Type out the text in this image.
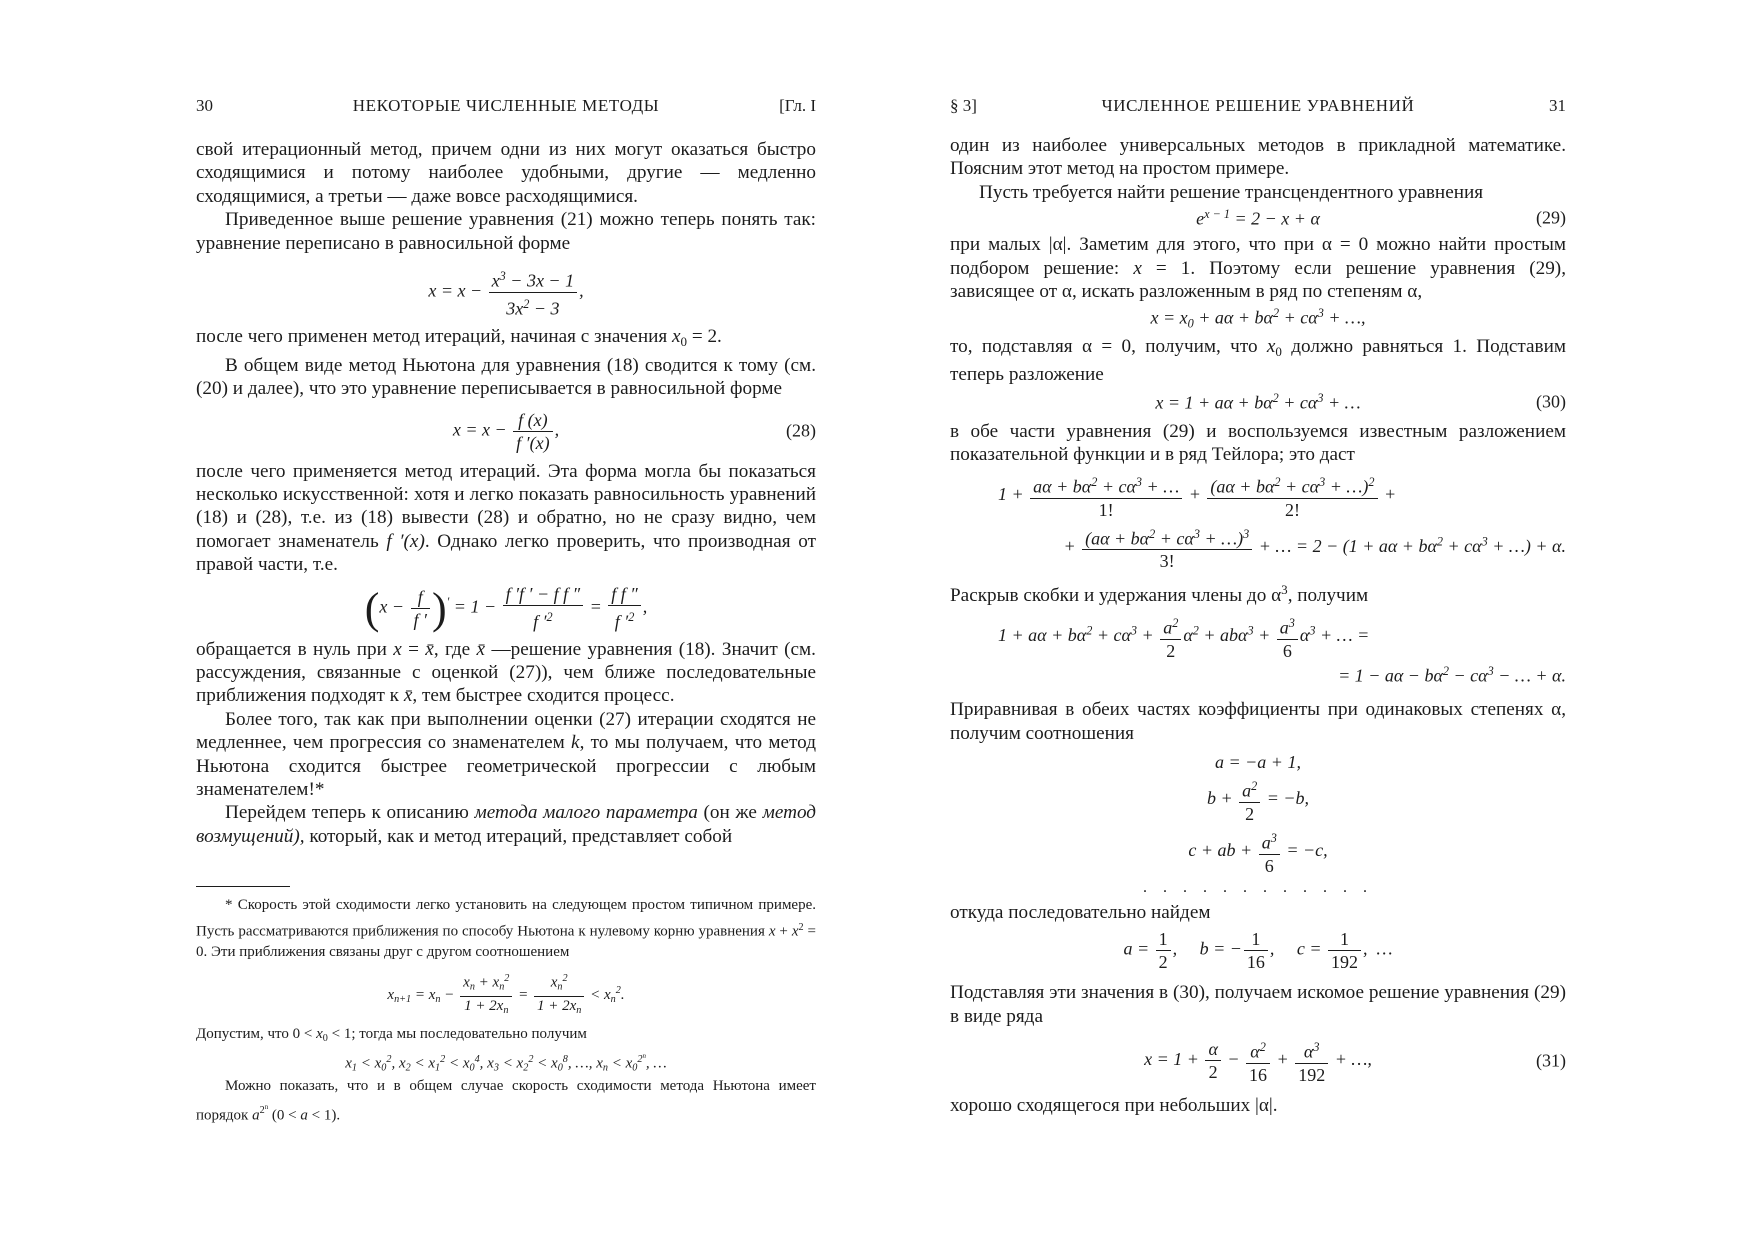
30	НЕКОТОРЫЕ ЧИСЛЕННЫЕ МЕТОДЫ	[Гл. I

свой итерационный метод, причем одни из них могут оказаться быстро сходящимися и потому наиболее удобными, другие — медленно сходящимися, а третьи — даже вовсе расходящимися.

Приведенное выше решение уравнения (21) можно теперь понять так: уравнение переписано в равносильной форме

$x = x - \frac{x^3 - 3x - 1}{3x^2 - 3}$ ,

после чего применен метод итераций, начиная с значения $x_0 = 2$.

В общем виде метод Ньютона для уравнения (18) сводится к тому (см. (20) и далее), что это уравнение переписывается в равносильной форме

$x = x - \frac{f (x)}{f '(x)}$ ,	(28)

после чего применяется метод итераций. Эта форма могла бы показаться несколько искусственной: хотя и легко показать равносильность уравнений (18) и (28), т.е. из (18) вывести (28) и обратно, но не сразу видно, чем помогает знаменатель f ′(x). Однако легко проверить, что производная от правой части, т.е.

$(x - \frac{f}{f '} )' = 1 - \frac{\text{f ′f ′ − f f ″}}{f '^2} = \frac{\text{f f ″}}{f '^2}$ ,

обращается в нуль при x = x̄, где x̄ —решение уравнения (18). Значит (см. рассуждения, связанные с оценкой (27)), чем ближе последовательные приближения подходят к x̄, тем быстрее сходится процесс.

Более того, так как при выполнении оценки (27) итерации сходятся не медленнее, чем прогрессия со знаменателем k, то мы получаем, что метод Ньютона сходится быстрее геометрической прогрессии с любым знаменателем!*

Перейдем теперь к описанию метода малого параметра (он же метод возмущений), который, как и метод итераций, представляет собой

* Скорость этой сходимости легко установить на следующем простом типичном примере. Пусть рассматриваются приближения по способу Ньютона к нулевому корню уравнения $x + x^2 = 0$. Эти приближения связаны друг с другом соотношением

$x_{n+1} = x_n - \frac{x_n + x_n^2}{1 + 2x_n} = \frac{x_n^2}{1 + 2x_n} < x_n^2$.

Допустим, что $0 < x_0 < 1$; тогда мы последовательно получим

$x_1 < x_0^2$, $x_2 < x_1^2 < x_0^4$, $x_3 < x_2^2 < x_0^8$, …, $x_n < x_0^{2^n}$, …

Можно показать, что и в общем случае скорость сходимости метода Ньютона имеет порядок $a^{2^n}$ (0 < a < 1).

§ 3]	ЧИСЛЕННОЕ РЕШЕНИЕ УРАВНЕНИЙ	31

один из наиболее универсальных методов в прикладной математике. Поясним этот метод на простом примере.

Пусть требуется найти решение трансцендентного уравнения

$e^{x - 1} = 2 - x + \alpha$	(29)

при малых |α|. Заметим для этого, что при α = 0 можно найти простым подбором решение: x = 1. Поэтому если решение уравнения (29), зависящее от α, искать разложенным в ряд по степеням α,

$x = x_0 + a\alpha + b\alpha^2 + c\alpha^3$ + …,

то, подставляя α = 0, получим, что $x_0$ должно равняться 1. Подставим теперь разложение

$x = 1 + a\alpha + b\alpha^2 + c\alpha^3$ + …	(30)

в обе части уравнения (29) и воспользуемся известным разложением показательной функции и в ряд Тейлора; это даст

$1 + \frac{a\alpha + b\alpha^2 + c\alpha^3 + \dots}{1!} + \frac{(a\alpha + b\alpha^2 + c\alpha^3 + \dots)^2}{2!}$ +
+ $\frac{(a\alpha + b\alpha^2 + c\alpha^3 + \dots)^3}{3!}$ + … = $2 - (1 + a\alpha + b\alpha^2 + c\alpha^3$ + …) + α.

Раскрыв скобки и удержания члены до $\alpha^3$, получим

$1 + a\alpha + b\alpha^2 + c\alpha^3 + \frac{a^2}{2} \alpha^2 + ab\alpha^3 + \frac{a^3}{6} \alpha^3$ + … =
= $1 - a\alpha - b\alpha^2 - c\alpha^3$ − … + α.

Приравнивая в обеих частях коэффициенты при одинаковых степенях α, получим соотношения

a = −a + 1,
$b + \frac{a^2}{2} = -b$,
c + ab + $\frac{a^3}{6} = -c$,
. . . . . . . . . . . .

откуда последовательно найдем

$a = \frac{1}{2}$ ,     b = − $\frac{1}{16}$ ,     $c = \frac{1}{192}$ ,  …

Подставляя эти значения в (30), получаем искомое решение уравнения (29) в виде ряда

$x = 1 + \frac{\alpha}{2} - \frac{\alpha^2}{16} + \frac{\alpha^3}{192}$ + …,	(31)

хорошо сходящегося при небольших |α|.
